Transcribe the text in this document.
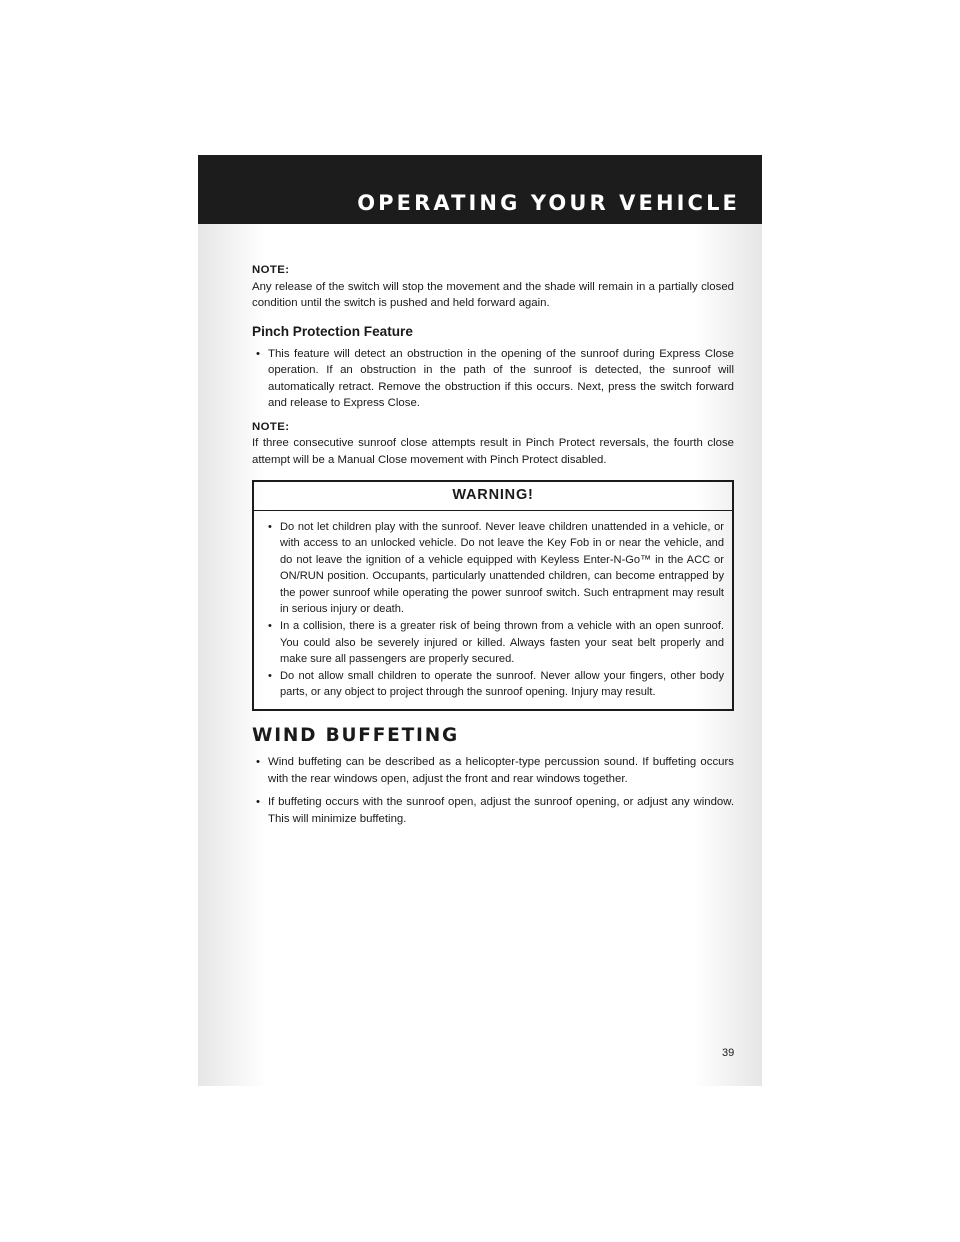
OPERATING YOUR VEHICLE

NOTE:

Any release of the switch will stop the movement and the shade will remain in a partially closed condition until the switch is pushed and held forward again.

Pinch Protection Feature
• This feature will detect an obstruction in the opening of the sunroof during Express Close operation. If an obstruction in the path of the sunroof is detected, the sunroof will automatically retract. Remove the obstruction if this occurs. Next, press the switch forward and release to Express Close.

NOTE:

If three consecutive sunroof close attempts result in Pinch Protect reversals, the fourth close attempt will be a Manual Close movement with Pinch Protect disabled.

WARNING!
• Do not let children play with the sunroof. Never leave children unattended in a vehicle, or with access to an unlocked vehicle. Do not leave the Key Fob in or near the vehicle, and do not leave the ignition of a vehicle equipped with Keyless Enter-N-Go™ in the ACC or ON/RUN position. Occupants, particularly unattended children, can become entrapped by the power sunroof while operating the power sunroof switch. Such entrapment may result in serious injury or death.
• In a collision, there is a greater risk of being thrown from a vehicle with an open sunroof. You could also be severely injured or killed. Always fasten your seat belt properly and make sure all passengers are properly secured.
• Do not allow small children to operate the sunroof. Never allow your fingers, other body parts, or any object to project through the sunroof opening. Injury may result.
WIND BUFFETING
• Wind buffeting can be described as a helicopter-type percussion sound. If buffeting occurs with the rear windows open, adjust the front and rear windows together.
• If buffeting occurs with the sunroof open, adjust the sunroof opening, or adjust any window. This will minimize buffeting.
39
